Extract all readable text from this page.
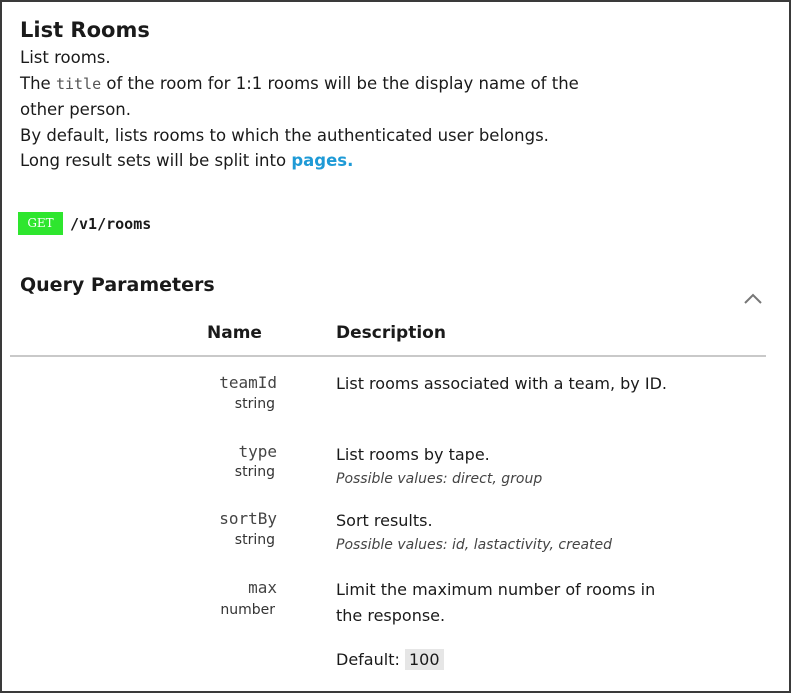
List Rooms
List rooms.
The title of the room for 1:1 rooms will be the display name of the
other person.
By default, lists rooms to which the authenticated user belongs.
Long result sets will be split into pages.
GET	/v1/rooms
Query Parameters
Name	Description
teamId
string
List rooms associated with a team, by ID.
type
string
List rooms by tape.
Possible values: direct, group
sortBy
string
Sort results.
Possible values: id, lastactivity, created
max
number
Limit the maximum number of rooms in
the response.
Default: 100
